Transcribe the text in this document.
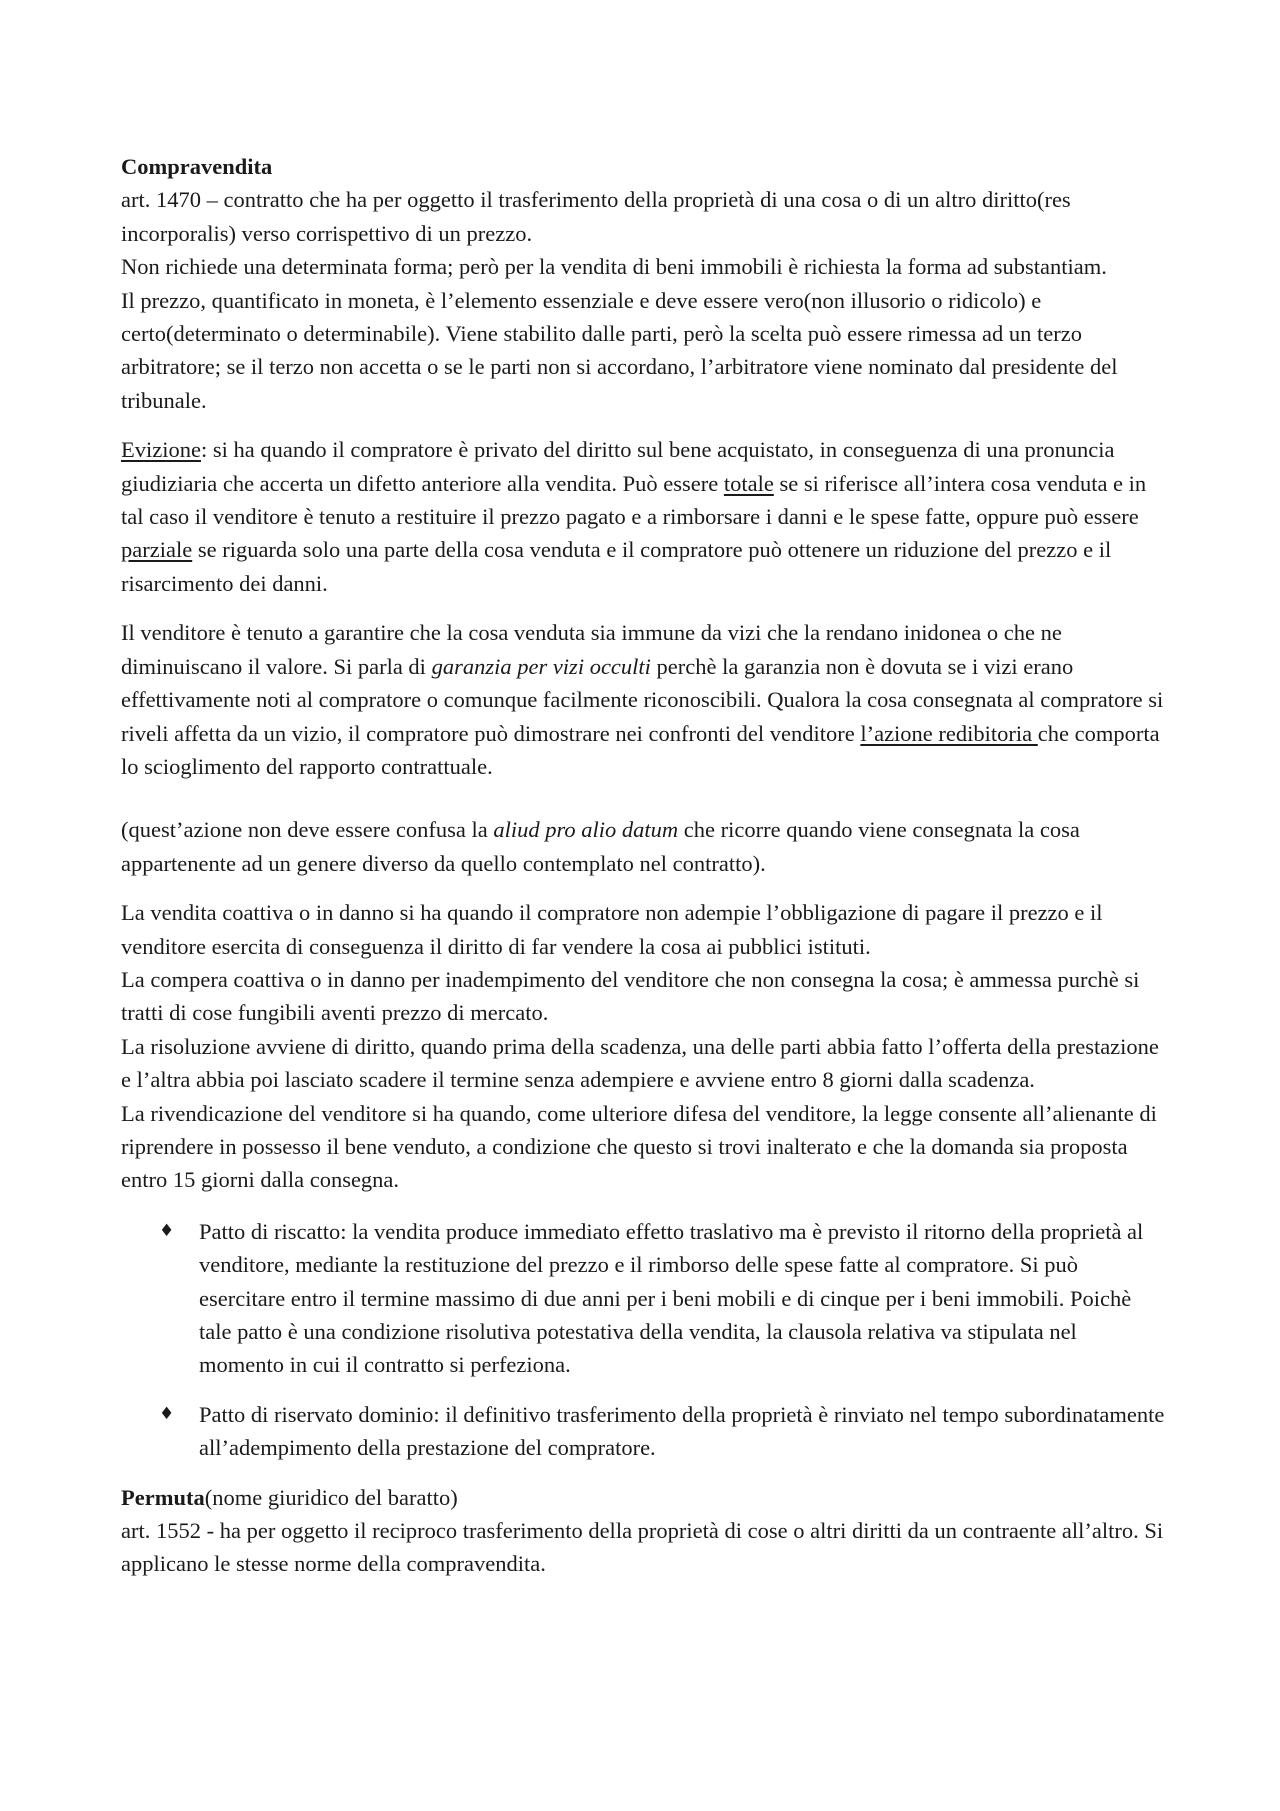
Compravendita
art. 1470 – contratto che ha per oggetto il trasferimento della proprietà di una cosa o di un altro diritto(res incorporalis) verso corrispettivo di un prezzo.
Non richiede una determinata forma; però per la vendita di beni immobili è richiesta la forma ad substantiam.
Il prezzo, quantificato in moneta, è l’elemento essenziale e deve essere vero(non illusorio o ridicolo) e certo(determinato o determinabile). Viene stabilito dalle parti, però la scelta può essere rimessa ad un terzo arbitratore; se il terzo non accetta o se le parti non si accordano, l’arbitratore viene nominato dal presidente del tribunale.

Evizione: si ha quando il compratore è privato del diritto sul bene acquistato, in conseguenza di una pronuncia giudiziaria che accerta un difetto anteriore alla vendita. Può essere totale se si riferisce all’intera cosa venduta e in tal caso il venditore è tenuto a restituire il prezzo pagato e a rimborsare i danni e le spese fatte, oppure può essere parziale se riguarda solo una parte della cosa venduta e il compratore può ottenere un riduzione del prezzo e il risarcimento dei danni.

Il venditore è tenuto a garantire che la cosa venduta sia immune da vizi che la rendano inidonea o che ne diminuiscano il valore. Si parla di garanzia per vizi occulti perchè la garanzia non è dovuta se i vizi erano effettivamente noti al compratore o comunque facilmente riconoscibili. Qualora la cosa consegnata al compratore si riveli affetta da un vizio, il compratore può dimostrare nei confronti del venditore l’azione redibitoria che comporta lo scioglimento del rapporto contrattuale.

(quest’azione non deve essere confusa la aliud pro alio datum che ricorre quando viene consegnata la cosa appartenente ad un genere diverso da quello contemplato nel contratto).

La vendita coattiva o in danno si ha quando il compratore non adempie l’obbligazione di pagare il prezzo e il venditore esercita di conseguenza il diritto di far vendere la cosa ai pubblici istituti.
La compera coattiva o in danno per inadempimento del venditore che non consegna la cosa; è ammessa purchè si tratti di cose fungibili aventi prezzo di mercato.
La risoluzione avviene di diritto, quando prima della scadenza, una delle parti abbia fatto l’offerta della prestazione e l’altra abbia poi lasciato scadere il termine senza adempiere e avviene entro 8 giorni dalla scadenza.
La rivendicazione del venditore si ha quando, come ulteriore difesa del venditore, la legge consente all’alienante di riprendere in possesso il bene venduto, a condizione che questo si trovi inalterato e che la domanda sia proposta entro 15 giorni dalla consegna.

♦ Patto di riscatto: la vendita produce immediato effetto traslativo ma è previsto il ritorno della proprietà al venditore, mediante la restituzione del prezzo e il rimborso delle spese fatte al compratore. Si può esercitare entro il termine massimo di due anni per i beni mobili e di cinque per i beni immobili. Poichè tale patto è una condizione risolutiva potestativa della vendita, la clausola relativa va stipulata nel momento in cui il contratto si perfeziona.
♦ Patto di riservato dominio: il definitivo trasferimento della proprietà è rinviato nel tempo subordinatamente all’adempimento della prestazione del compratore.

Permuta(nome giuridico del baratto)
art. 1552 - ha per oggetto il reciproco trasferimento della proprietà di cose o altri diritti da un contraente all’altro. Si applicano le stesse norme della compravendita.
